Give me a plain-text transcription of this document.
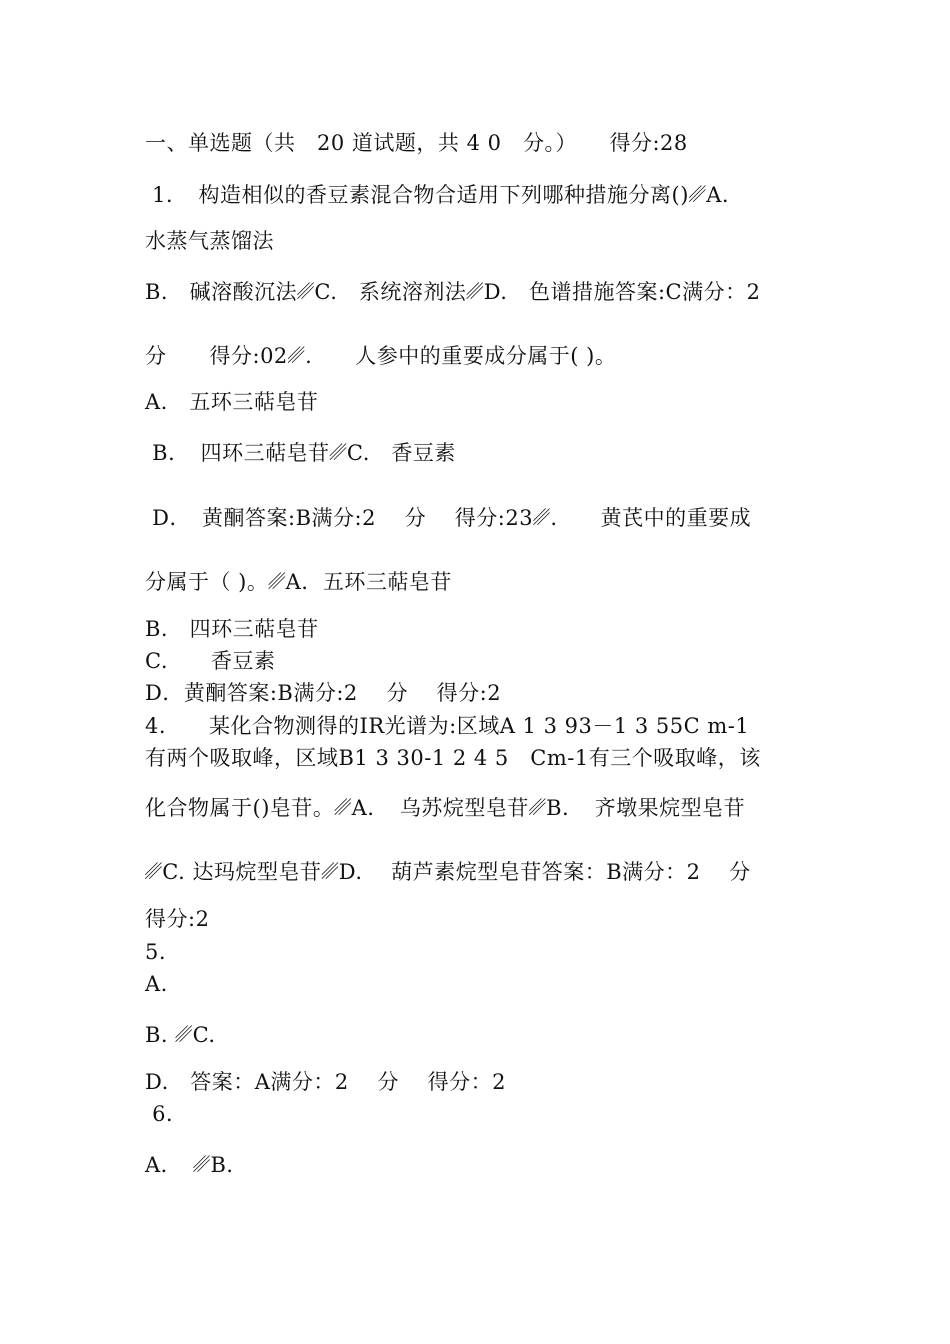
一、单选题（共　20 道试题，共 4 0　分。）　　得分:28
1．　构造相似的香豆素混合物合适用下列哪种措施分离()␥A.
水蒸气蒸馏法
B.　碱溶酸沉法␥C.　系统溶剂法␥D.　色谱措施答案:C满分：2
分　　得分:02␥.　　人参中的重要成分属于( )。
A.　五环三萜皂苷
B．　四环三萜皂苷␥C.　香豆素
D．　黄酮答案:B满分:2　 分　 得分:23␥.　　黄芪中的重要成
分属于（ )。␥A．五环三萜皂苷
B.　四环三萜皂苷
C.　　香豆素
D．黄酮答案:B满分:2　 分　 得分:2
4.　　某化合物测得的IR光谱为:区域A 1 3 93－1 3 55C m-1
有两个吸取峰，区域B1 3 30-1 2 4 5　Cm-1有三个吸取峰，该
化合物属于()皂苷。␥A．　乌苏烷型皂苷␥B．　齐墩果烷型皂苷
␥C. 达玛烷型皂苷␥D.　 葫芦素烷型皂苷答案：B满分：2　 分
得分:2
5.
A.
B. ␥C.
D.　答案：A满分：2　 分　 得分：2
6．
A．　␥B．
